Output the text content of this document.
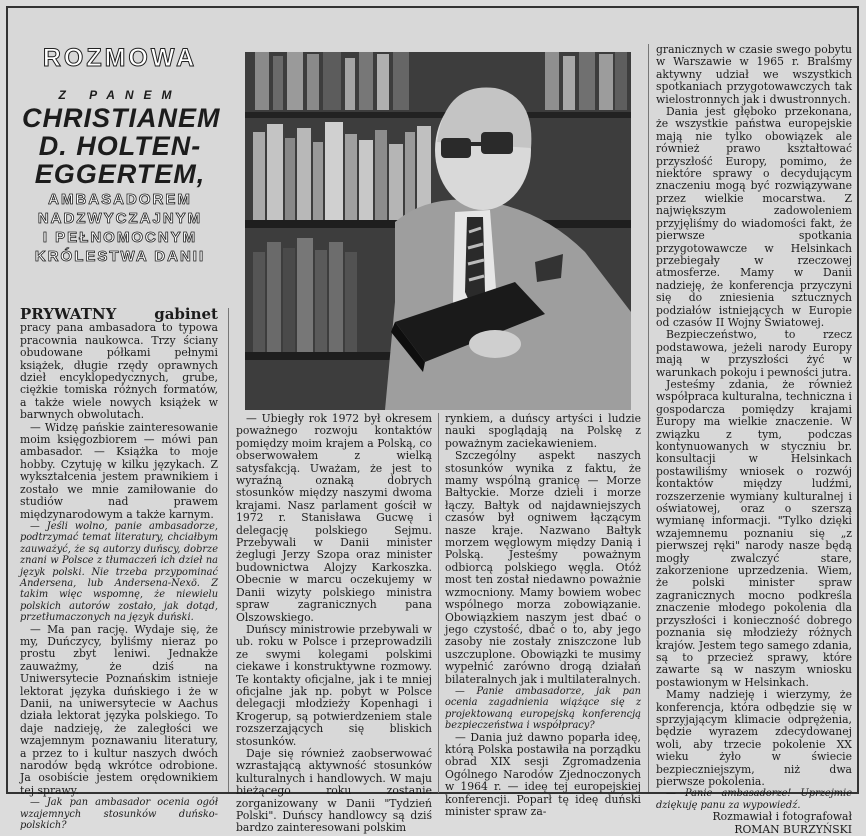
ROZMOWA
Z PANEM
CHRISTIANEM
D. HOLTEN-
EGGERTEM,
AMBASADOREM
NADZWYCZAJNYM
I PEŁNOMOCNYM
KRÓLESTWA DANII

PRYWATNY gabinet pracy pana ambasadora to typowa pracownia naukowca. Trzy ściany obudowane półkami pełnymi książek, długie rzędy oprawnych dzieł encyklopedycznych, grube, ciężkie tomiska różnych formatów, a także wiele nowych książek w barwnych obwolutach.

— Widzę pańskie zainteresowanie moim księgozbiorem — mówi pan ambasador. — Książka to moje hobby. Czytuję w kilku językach. Z wykształcenia jestem prawnikiem i zostało we mnie zamiłowanie do studiów nad prawem międzynarodowym a także karnym.

— Jeśli wolno, panie ambasadorze, podtrzymać temat literatury, chciałbym zauważyć, że są autorzy duńscy, dobrze znani w Polsce z tłumaczeń ich dzieł na język polski. Nie trzeba przypominać Andersena, lub Andersena-Nexö. Z takim więc wspomnę, że niewielu polskich autorów zostało, jak dotąd, przetłumaczonych na język duński.

— Ma pan rację. Wydaje się, że my, Duńczycy, byliśmy nieraz po prostu zbyt leniwi. Jednakże zauważmy, że dziś na Uniwersytecie Poznańskim istnieje lektorat języka duńskiego i że w Danii, na uniwersytecie w Aachus działa lektorat języka polskiego. To daje nadzieję, że zaległości we wzajemnym poznawaniu literatury, a przez to i kultur naszych dwóch narodów będą wkrótce odrobione. Ja osobiście jestem orędownikiem tej sprawy.

— Jak pan ambasador ocenia ogół wzajemnych stosunków duńsko-polskich?

— Ubiegły rok 1972 był okresem poważnego rozwoju kontaktów pomiędzy moim krajem a Polską, co obserwowałem z wielką satysfakcją. Uważam, że jest to wyraźną oznaką dobrych stosunków między naszymi dwoma krajami. Nasz parlament gościł w 1972 r. Stanisława Gucwę i delegację polskiego Sejmu. Przebywali w Danii minister żeglugi Jerzy Szopa oraz minister budownictwa Alojzy Karkoszka. Obecnie w marcu oczekujemy w Danii wizyty polskiego ministra spraw zagranicznych pana Olszowskiego.

Duńscy ministrowie przebywali w ub. roku w Polsce i przeprowadzili ze swymi kolegami polskimi ciekawe i konstruktywne rozmowy. Te kontakty oficjalne, jak i te mniej oficjalne jak np. pobyt w Polsce delegacji młodzieży Kopenhagi i Krogerup, są potwierdzeniem stale rozszerzających się bliskich stosunków.

Daje się również zaobserwować wzrastającą aktywność stosunków kulturalnych i handlowych. W maju bieżącego roku zostanie zorganizowany w Danii "Tydzień Polski". Duńscy handlowcy są dziś bardzo zainteresowani polskim

rynkiem, a duńscy artyści i ludzie nauki spoglądają na Polskę z poważnym zaciekawieniem.

Szczególny aspekt naszych stosunków wynika z faktu, że mamy wspólną granicę — Morze Bałtyckie. Morze dzieli i morze łączy. Bałtyk od najdawniejszych czasów był ogniwem łączącym nasze kraje. Nazwano Bałtyk morzem węglowym między Danią i Polską. Jesteśmy poważnym odbiorcą polskiego węgla. Otóż most ten został niedawno poważnie wzmocniony. Mamy bowiem wobec wspólnego morza zobowiązanie. Obowiązkiem naszym jest dbać o jego czystość, dbać o to, aby jego zasoby nie zostały zniszczone lub uszczuplone. Obowiązki te musimy wypełnić zarówno drogą działań bilateralnych jak i multilateralnych.

— Panie ambasadorze, jak pan ocenia zagadnienia wiążące się z projektowaną europejską konferencją bezpieczeństwa i współpracy?

— Dania już dawno poparła ideę, którą Polska postawiła na porządku obrad XIX sesji Zgromadzenia Ogólnego Narodów Zjednoczonych w 1964 r. — ideę tej europejskiej konferencji. Poparł tę ideę duński minister spraw za-

granicznych w czasie swego pobytu w Warszawie w 1965 r. Bralśmy aktywny udział we wszystkich spotkaniach przygotowawczych tak wielostronnych jak i dwustronnych.

Dania jest głęboko przekonana, że wszystkie państwa europejskie mają nie tylko obowiązek ale również prawo kształtować przyszłość Europy, pomimo, że niektóre sprawy o decydującym znaczeniu mogą być rozwiązywane przez wielkie mocarstwa. Z największym zadowoleniem przyjęliśmy do wiadomości fakt, że pierwsze spotkania przygotowawcze w Helsinkach przebiegały w rzeczowej atmosferze. Mamy w Danii nadzieję, że konferencja przyczyni się do zniesienia sztucznych podziałów istniejących w Europie od czasów II Wojny Światowej.

Bezpieczeństwo, to rzecz podstawowa, jeżeli narody Europy mają w przyszłości żyć w warunkach pokoju i pewności jutra.

Jesteśmy zdania, że również współpraca kulturalna, techniczna i gospodarcza pomiędzy krajami Europy ma wielkie znaczenie. W związku z tym, podczas kontynuowanych w styczniu br. konsultacji w Helsinkach postawiliśmy wniosek o rozwój kontaktów między ludźmi, rozszerzenie wymiany kulturalnej i oświatowej, oraz o szerszą wymianę informacji. "Tylko dzięki wzajemnemu poznaniu się „z pierwszej ręki" narody nasze będą mogły zwalczyć stare, zakorzenione uprzedzenia. Wiem, że polski minister spraw zagranicznych mocno podkreśla znaczenie młodego pokolenia dla przyszłości i konieczność dobrego poznania się młodzieży różnych krajów. Jestem tego samego zdania, są to przecież sprawy, które zawarte są w naszym wniosku postawionym w Helsinkach.

Mamy nadzieję i wierzymy, że konferencja, która odbędzie się w sprzyjającym klimacie odprężenia, będzie wyrazem zdecydowanej woli, aby trzecie pokolenie XX wieku żyło w świecie bezpieczniejszym, niż dwa pierwsze pokolenia.

— Panie ambasadorze! Uprzejmie dziękuję panu za wypowiedź.

Rozmawiał i fotografował

ROMAN BURZYŃSKI
